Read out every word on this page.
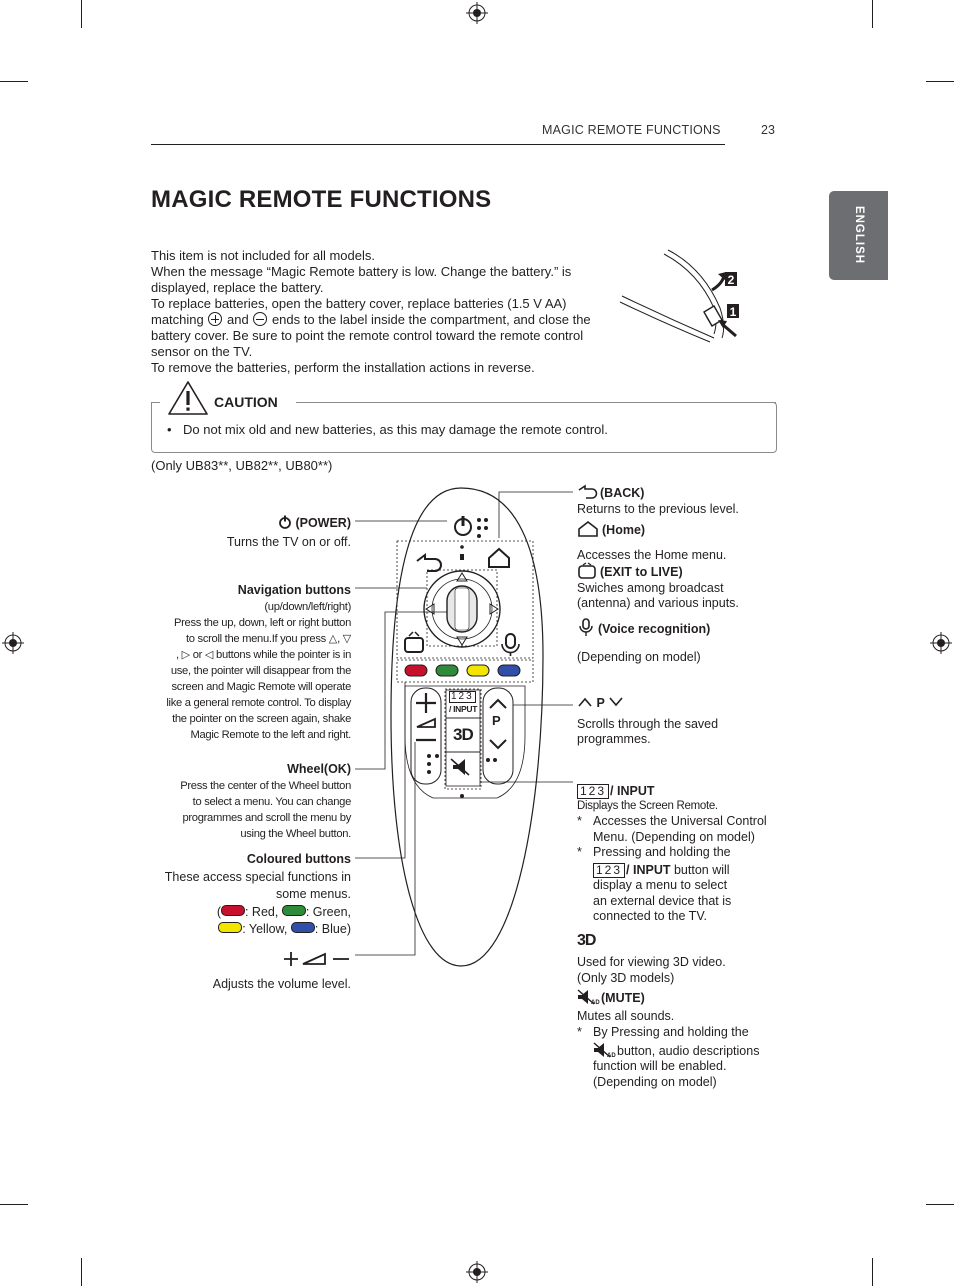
MAGIC REMOTE FUNCTIONS	23
ENGLISH
MAGIC REMOTE FUNCTIONS

This item is not included for all models.

When the message “Magic Remote battery is low. Change the battery.” is displayed, replace the battery.

To replace batteries, open the battery cover, replace batteries (1.5 V AA) matching and ends to the label inside the compartment, and close the battery cover. Be sure to point the remote control toward the remote control sensor on the TV.

To remove the batteries, perform the installation actions in reverse.

2
1
CAUTION
• Do not mix old and new batteries, as this may damage the remote control.
(Only UB83**, UB82**, UB80**)
123
/ INPUT
3D
P
(POWER)
Turns the TV on or off.
Navigation buttons
(up/down/left/right)
Press the up, down, left or right button
to scroll the menu.If you press △, ▽
, ▷ or ◁ buttons while the pointer is in
use, the pointer will disappear from the
screen and Magic Remote will operate
like a general remote control. To display
the pointer on the screen again, shake
Magic Remote to the left and right.
Wheel(OK)
Press the center of the Wheel button
to select a menu. You can change
programmes and scroll the menu by
using the Wheel button.
Coloured buttons
These access special functions in
some menus.
( : Red, : Green,
: Yellow, : Blue)
Adjusts the volume level.
(BACK)
Returns to the previous level.
(Home)
Accesses the Home menu.
(EXIT to LIVE)
Swiches among broadcast
(antenna) and various inputs.
(Voice recognition)
(Depending on model)
P
Scrolls through the saved
programmes.
123 / INPUT
Displays the Screen Remote.
* Accesses the Universal Control
Menu. (Depending on model)
* Pressing and holding the
123 / INPUT button will
display a menu to select
an external device that is
connected to the TV.
3D
Used for viewing 3D video.
(Only 3D models)
AD (MUTE)
Mutes all sounds.
* By Pressing and holding the
AD button, audio descriptions
function will be enabled.
(Depending on model)
